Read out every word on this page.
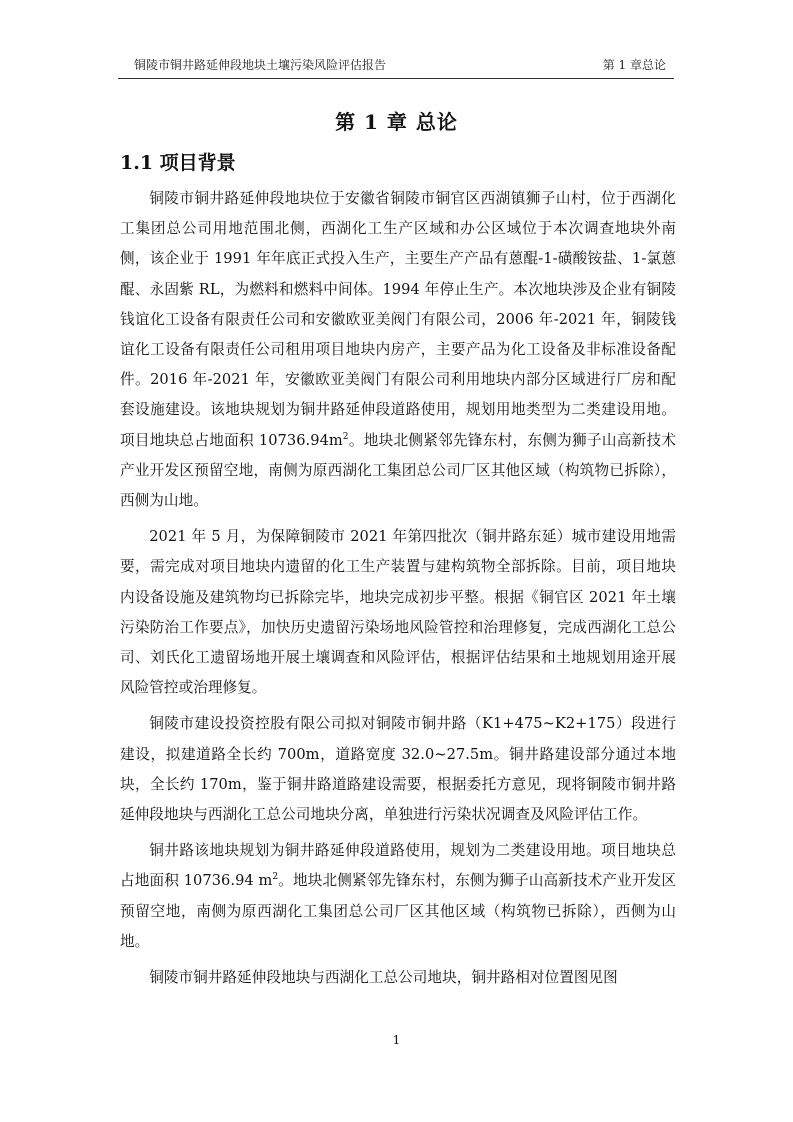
铜陵市铜井路延伸段地块土壤污染风险评估报告	第 1 章总论
第 1 章 总论
1.1 项目背景

铜陵市铜井路延伸段地块位于安徽省铜陵市铜官区西湖镇狮子山村，位于西湖化工集团总公司用地范围北侧，西湖化工生产区域和办公区域位于本次调查地块外南侧，该企业于 1991 年年底正式投入生产，主要生产产品有蒽醌-1-磺酸铵盐、1-氯蒽醌、永固紫 RL，为燃料和燃料中间体。1994 年停止生产。本次地块涉及企业有铜陵钱谊化工设备有限责任公司和安徽欧亚美阀门有限公司，2006 年-2021 年，铜陵钱谊化工设备有限责任公司租用项目地块内房产，主要产品为化工设备及非标准设备配件。2016 年-2021 年，安徽欧亚美阀门有限公司利用地块内部分区域进行厂房和配套设施建设。该地块规划为铜井路延伸段道路使用，规划用地类型为二类建设用地。项目地块总占地面积 $10736.94m^2$。地块北侧紧邻先锋东村，东侧为狮子山高新技术产业开发区预留空地，南侧为原西湖化工集团总公司厂区其他区域（构筑物已拆除），西侧为山地。

2021 年 5 月，为保障铜陵市 2021 年第四批次（铜井路东延）城市建设用地需要，需完成对项目地块内遗留的化工生产装置与建构筑物全部拆除。目前，项目地块内设备设施及建筑物均已拆除完毕，地块完成初步平整。根据《铜官区 2021 年土壤污染防治工作要点》，加快历史遗留污染场地风险管控和治理修复，完成西湖化工总公司、刘氏化工遗留场地开展土壤调查和风险评估，根据评估结果和土地规划用途开展风险管控或治理修复。

铜陵市建设投资控股有限公司拟对铜陵市铜井路（K1+475~K2+175）段进行建设，拟建道路全长约 700m，道路宽度 32.0~27.5m。铜井路建设部分通过本地块，全长约 170m，鉴于铜井路道路建设需要，根据委托方意见，现将铜陵市铜井路延伸段地块与西湖化工总公司地块分离，单独进行污染状况调查及风险评估工作。

铜井路该地块规划为铜井路延伸段道路使用，规划为二类建设用地。项目地块总占地面积 10736.94 $m^2$。地块北侧紧邻先锋东村，东侧为狮子山高新技术产业开发区预留空地，南侧为原西湖化工集团总公司厂区其他区域（构筑物已拆除），西侧为山地。

铜陵市铜井路延伸段地块与西湖化工总公司地块，铜井路相对位置图见图

1
